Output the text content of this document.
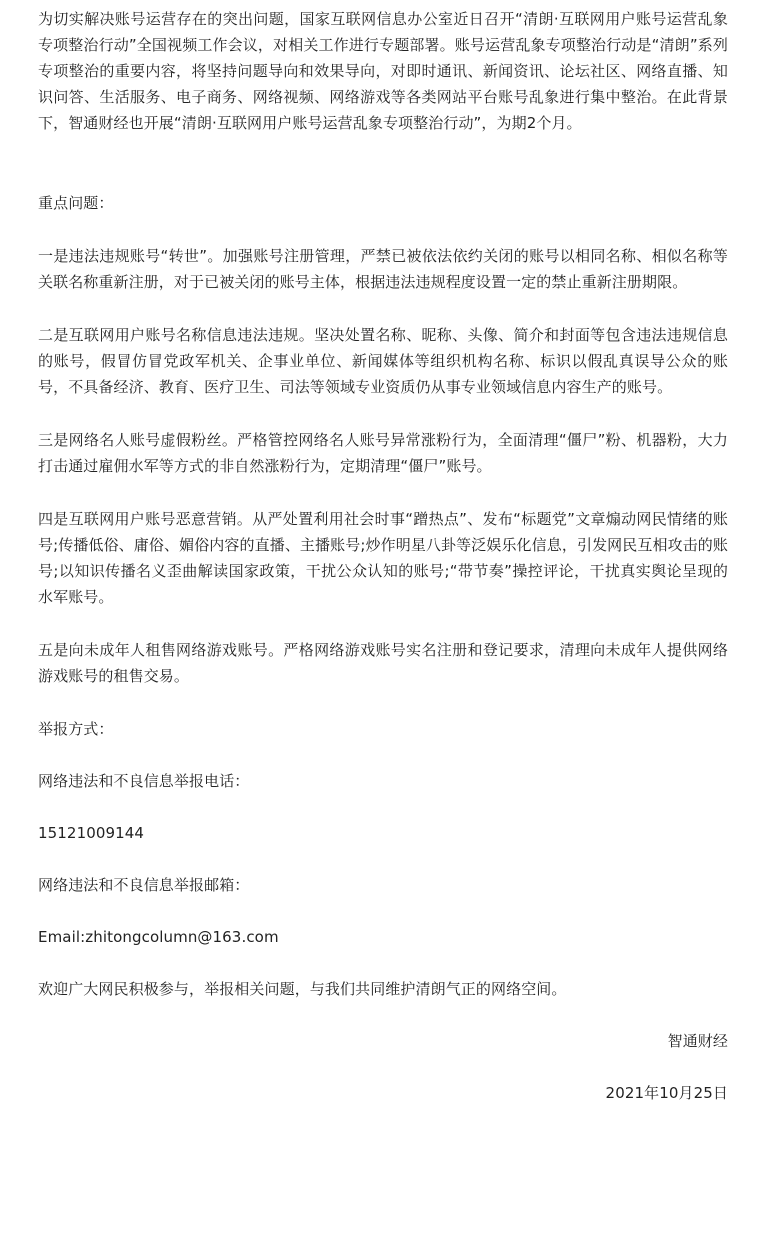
为切实解决账号运营存在的突出问题，国家互联网信息办公室近日召开“清朗·互联网用户账号运营乱象专项整治行动”全国视频工作会议，对相关工作进行专题部署。账号运营乱象专项整治行动是“清朗”系列专项整治的重要内容，将坚持问题导向和效果导向，对即时通讯、新闻资讯、论坛社区、网络直播、知识问答、生活服务、电子商务、网络视频、网络游戏等各类网站平台账号乱象进行集中整治。在此背景下，智通财经也开展“清朗·互联网用户账号运营乱象专项整治行动”，为期2个月。

重点问题：

一是违法违规账号“转世”。加强账号注册管理，严禁已被依法依约关闭的账号以相同名称、相似名称等关联名称重新注册，对于已被关闭的账号主体，根据违法违规程度设置一定的禁止重新注册期限。

二是互联网用户账号名称信息违法违规。坚决处置名称、昵称、头像、简介和封面等包含违法违规信息的账号，假冒仿冒党政军机关、企事业单位、新闻媒体等组织机构名称、标识以假乱真误导公众的账号，不具备经济、教育、医疗卫生、司法等领域专业资质仍从事专业领域信息内容生产的账号。

三是网络名人账号虚假粉丝。严格管控网络名人账号异常涨粉行为，全面清理“僵尸”粉、机器粉，大力打击通过雇佣水军等方式的非自然涨粉行为，定期清理“僵尸”账号。

四是互联网用户账号恶意营销。从严处置利用社会时事“蹭热点”、发布“标题党”文章煽动网民情绪的账号;传播低俗、庸俗、媚俗内容的直播、主播账号;炒作明星八卦等泛娱乐化信息，引发网民互相攻击的账号;以知识传播名义歪曲解读国家政策，干扰公众认知的账号;“带节奏”操控评论，干扰真实舆论呈现的水军账号。

五是向未成年人租售网络游戏账号。严格网络游戏账号实名注册和登记要求，清理向未成年人提供网络游戏账号的租售交易。

举报方式：

网络违法和不良信息举报电话：

15121009144

网络违法和不良信息举报邮箱：

Email:zhitongcolumn@163.com

欢迎广大网民积极参与，举报相关问题，与我们共同维护清朗气正的网络空间。

智通财经

2021年10月25日
